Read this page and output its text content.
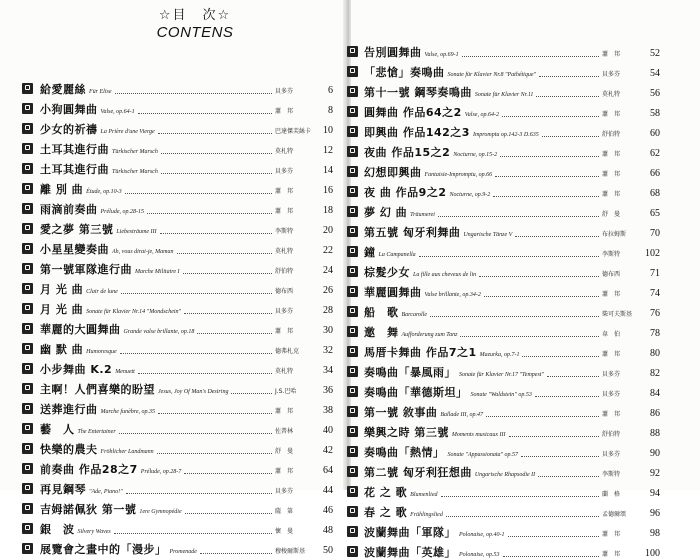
☆目　次☆
CONTENS
給愛麗絲 Für Elise	貝多芬	6
小狗圓舞曲 Valse, op.64-1	蕭　邦	8
少女的祈禱 La Prière d'une Vierge	巴達傑芙絲卡	10
土耳其進行曲 Türkischer Marsch	莫札特	12
土耳其進行曲 Türkischer Marsch	貝多芬	14
離 別 曲 Étude, op.10-3	蕭　邦	16
雨滴前奏曲 Prélude, op.28-15	蕭　邦	18
愛之夢 第三號 Liebesträume III	李斯特	20
小星星變奏曲 Ah, vous dirai-je, Maman	莫札特	22
第一號軍隊進行曲 Marche Militaire I	舒伯特	24
月 光 曲 Clair de lune	德布西	26
月 光 曲 Sonate für Klavier Nr.14 "Mondschein"	貝多芬	28
華麗的大圓舞曲 Grande valse brillante, op.18	蕭　邦	30
幽 默 曲 Humoresque	德弗札克	32
小步舞曲 K.2 Menuett	莫札特	34
主啊！人們喜樂的盼望 Jesus, Joy Of Man's Desiring	J.S.巴哈	36
送葬進行曲 Marche funèbre, op.35	蕭　邦	38
藝　人 The Entertainer	佐普林	40
快樂的農夫 Fröhlicher Landmann	舒　曼	42
前奏曲 作品28之7 Prélude, op.28-7	蕭　邦	64
再見鋼琴 "Ade, Piano!"	貝多芬	44
吉姆諾佩狄 第一號 1ere Gymnopédie	薩　第	46
銀　波 Silvery Waves	懷　曼	48
展覽會之畫中的「漫步」 Promenade	穆梭爾斯基	50
告別圓舞曲 Valse, op.69-1	蕭　邦	52
「悲愴」奏鳴曲 Sonate für Klavier Nr.8 "Pathétique"	貝多芬	54
第十一號 鋼琴奏鳴曲 Sonate für Klavier Nr.11	莫札特	56
圓舞曲 作品64之2 Valse, op.64-2	蕭　邦	58
即興曲 作品142之3 Impromptu op.142-3 D.635	舒伯特	60
夜曲 作品15之2 Nocturne, op.15-2	蕭　邦	62
幻想即興曲 Fantaisie-Impromptu, op.66	蕭　邦	66
夜 曲 作品9之2 Nocturne, op.9-2	蕭　邦	68
夢 幻 曲 Träumerei	舒　曼	65
第五號 匈牙利舞曲 Ungarische Tänze V	布拉姆斯	70
鐘 La Campanella	李斯特	102
棕髮少女 La fille aux cheveux de lin	德布西	71
華麗圓舞曲 Valse brillante, op.34-2	蕭　邦	74
船　歌 Barcarolle	柴可夫斯基	76
邀　舞 Aufforderung zum Tanz	韋　伯	78
馬厝卡舞曲 作品7之1 Mazurka, op.7-1	蕭　邦	80
奏鳴曲「暴風雨」 Sonate für Klavier Nr.17 "Tempest"	貝多芬	82
奏鳴曲「華德斯坦」 Sonate "Waldstein" op.53	貝多芬	84
第一號 敘事曲 Ballade III, op.47	蕭　邦	86
樂興之時 第三號 Moments musicaux III	舒伯特	88
奏鳴曲「熱情」 Sonate "Appassionata" op.57	貝多芬	90
第二號 匈牙利狂想曲 Ungarische Rhapsodie II	李斯特	92
花 之 歌 Blumenlied	蘭　格	94
春 之 歌 Frühlingslied	孟德爾頌	96
波蘭舞曲「軍隊」 Polonaise, op.40-1	蕭　邦	98
波蘭舞曲「英雄」 Polonaise, op.53	蕭　邦	100
